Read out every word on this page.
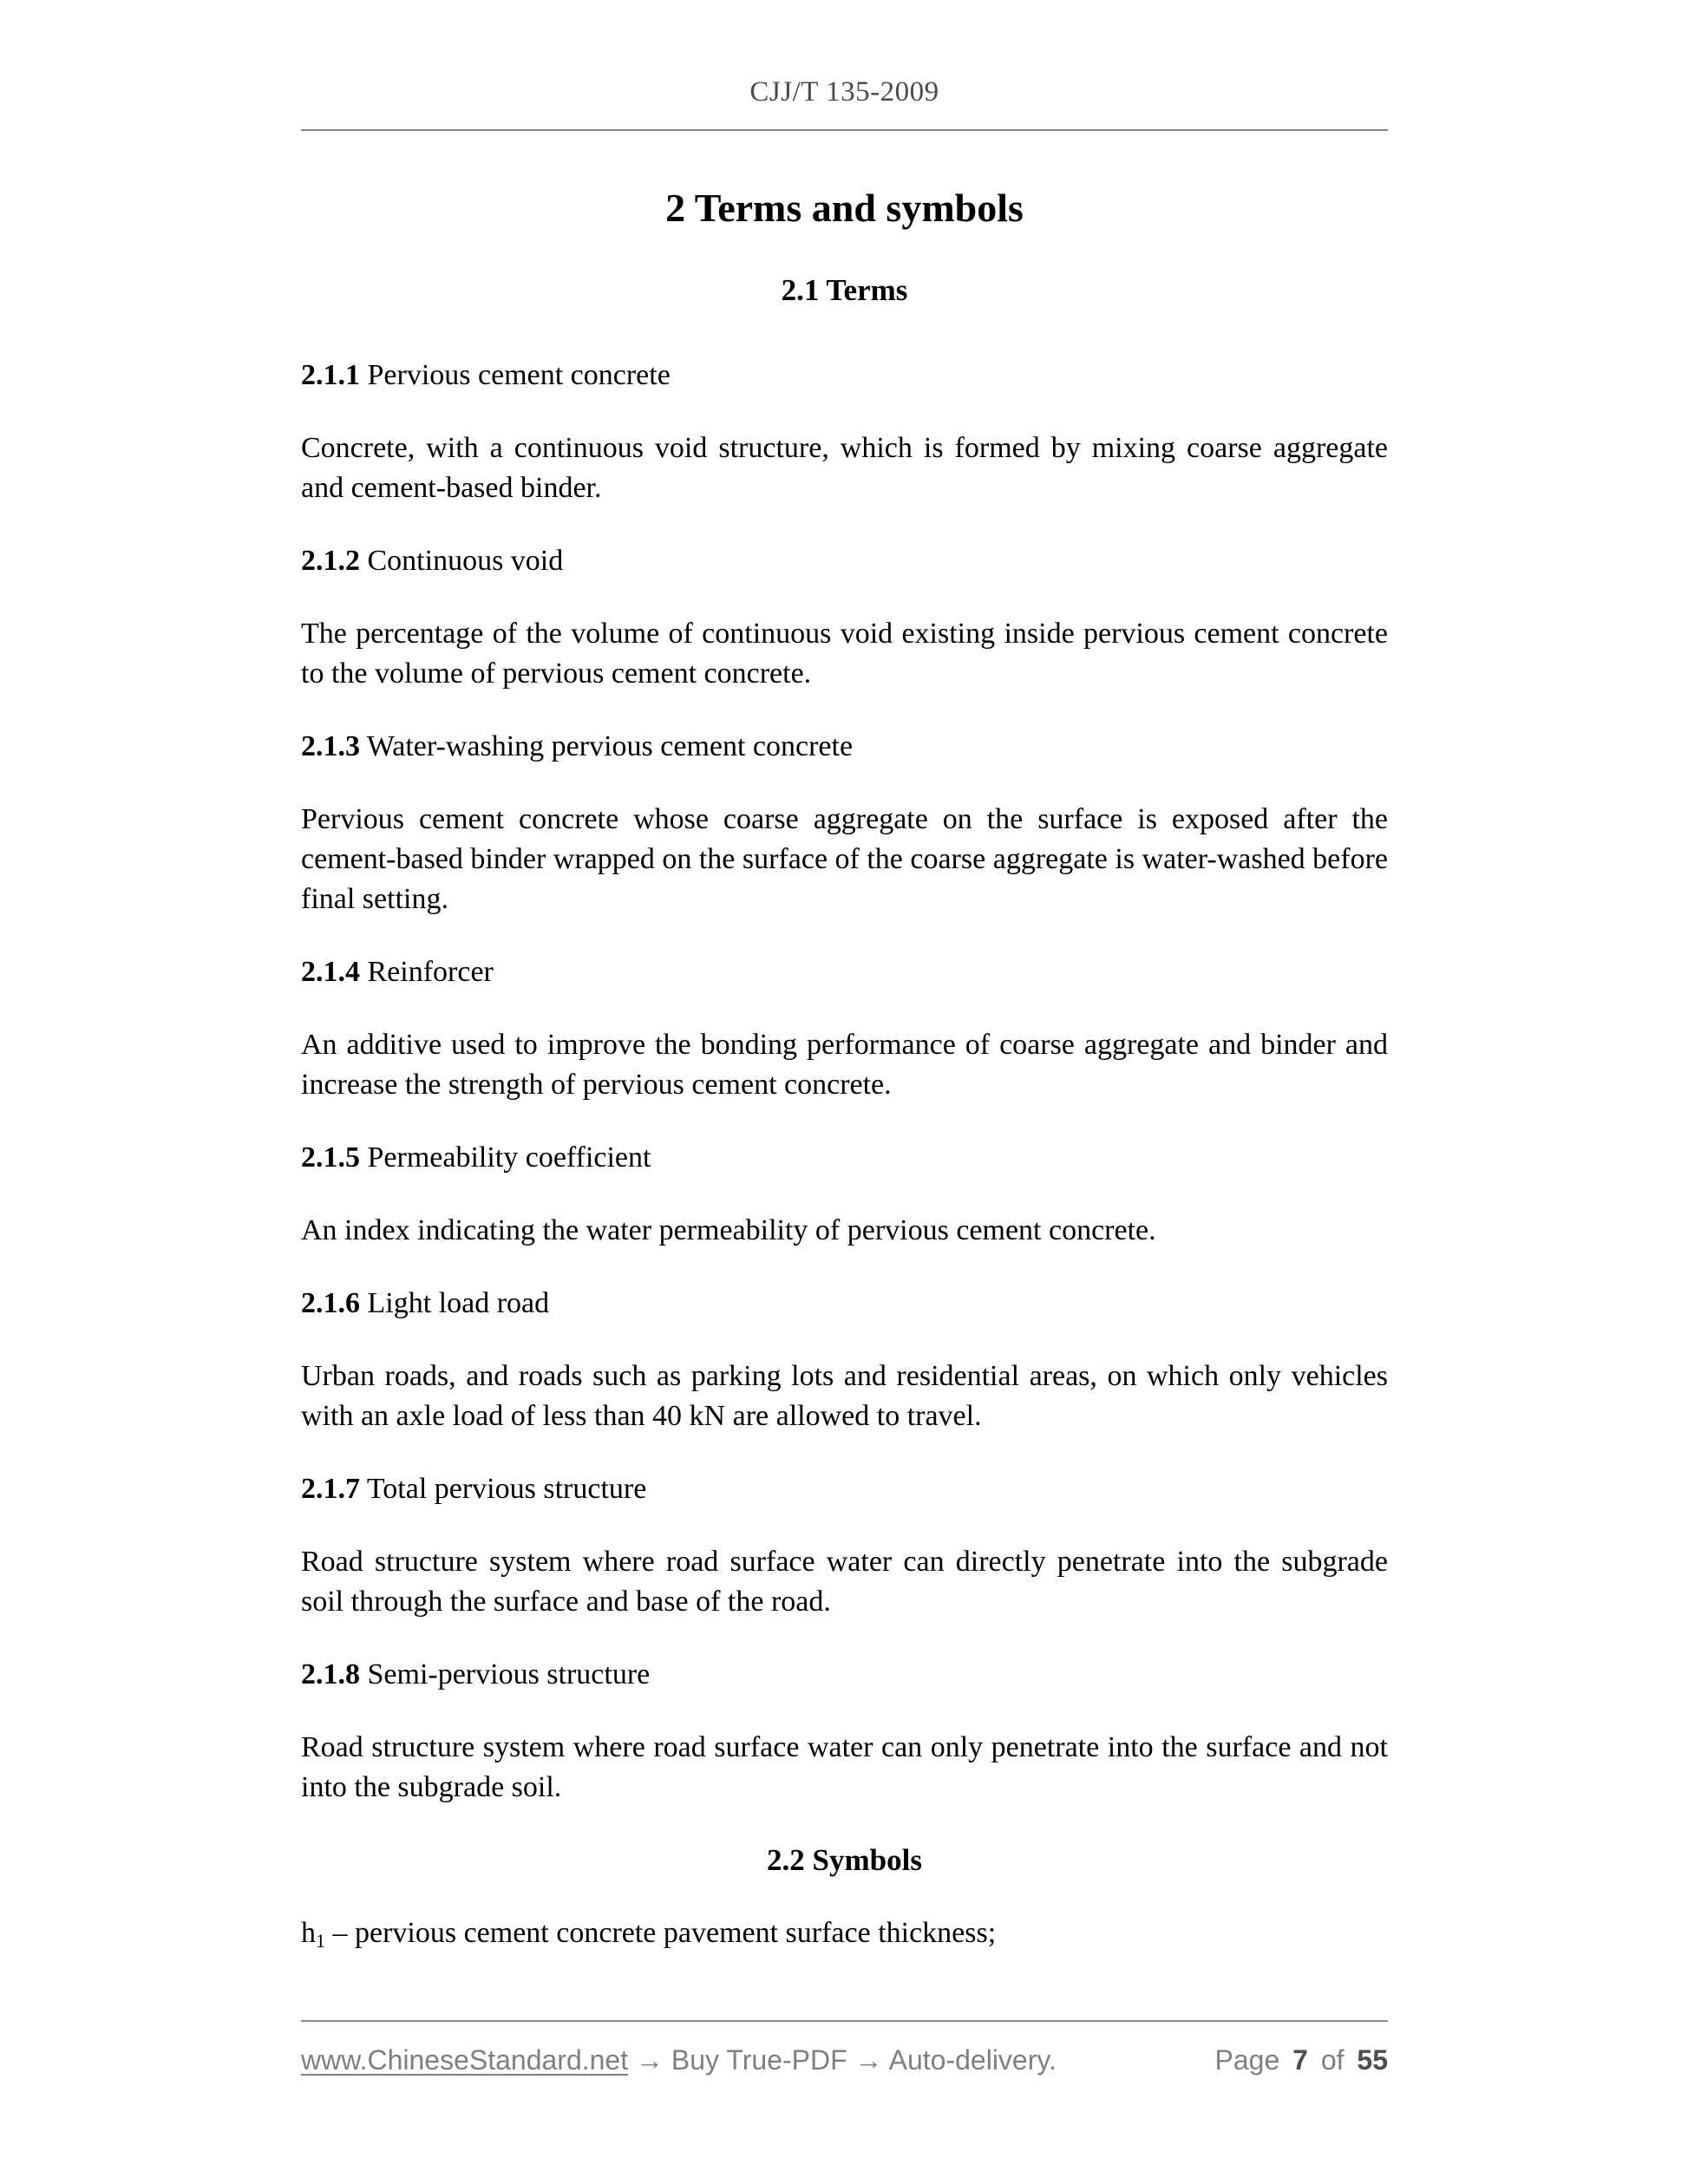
CJJ/T 135-2009
2 Terms and symbols
2.1 Terms

2.1.1 Pervious cement concrete

Concrete, with a continuous void structure, which is formed by mixing coarse aggregate and cement-based binder.

2.1.2 Continuous void

The percentage of the volume of continuous void existing inside pervious cement concrete to the volume of pervious cement concrete.

2.1.3 Water-washing pervious cement concrete

Pervious cement concrete whose coarse aggregate on the surface is exposed after the cement-based binder wrapped on the surface of the coarse aggregate is water-washed before final setting.

2.1.4 Reinforcer

An additive used to improve the bonding performance of coarse aggregate and binder and increase the strength of pervious cement concrete.

2.1.5 Permeability coefficient

An index indicating the water permeability of pervious cement concrete.

2.1.6 Light load road

Urban roads, and roads such as parking lots and residential areas, on which only vehicles with an axle load of less than 40 kN are allowed to travel.

2.1.7 Total pervious structure

Road structure system where road surface water can directly penetrate into the subgrade soil through the surface and base of the road.

2.1.8 Semi-pervious structure

Road structure system where road surface water can only penetrate into the surface and not into the subgrade soil.

2.2 Symbols

$h_1$ – pervious cement concrete pavement surface thickness;

www.ChineseStandard.net → Buy True-PDF → Auto-delivery.	Page 7 of 55
